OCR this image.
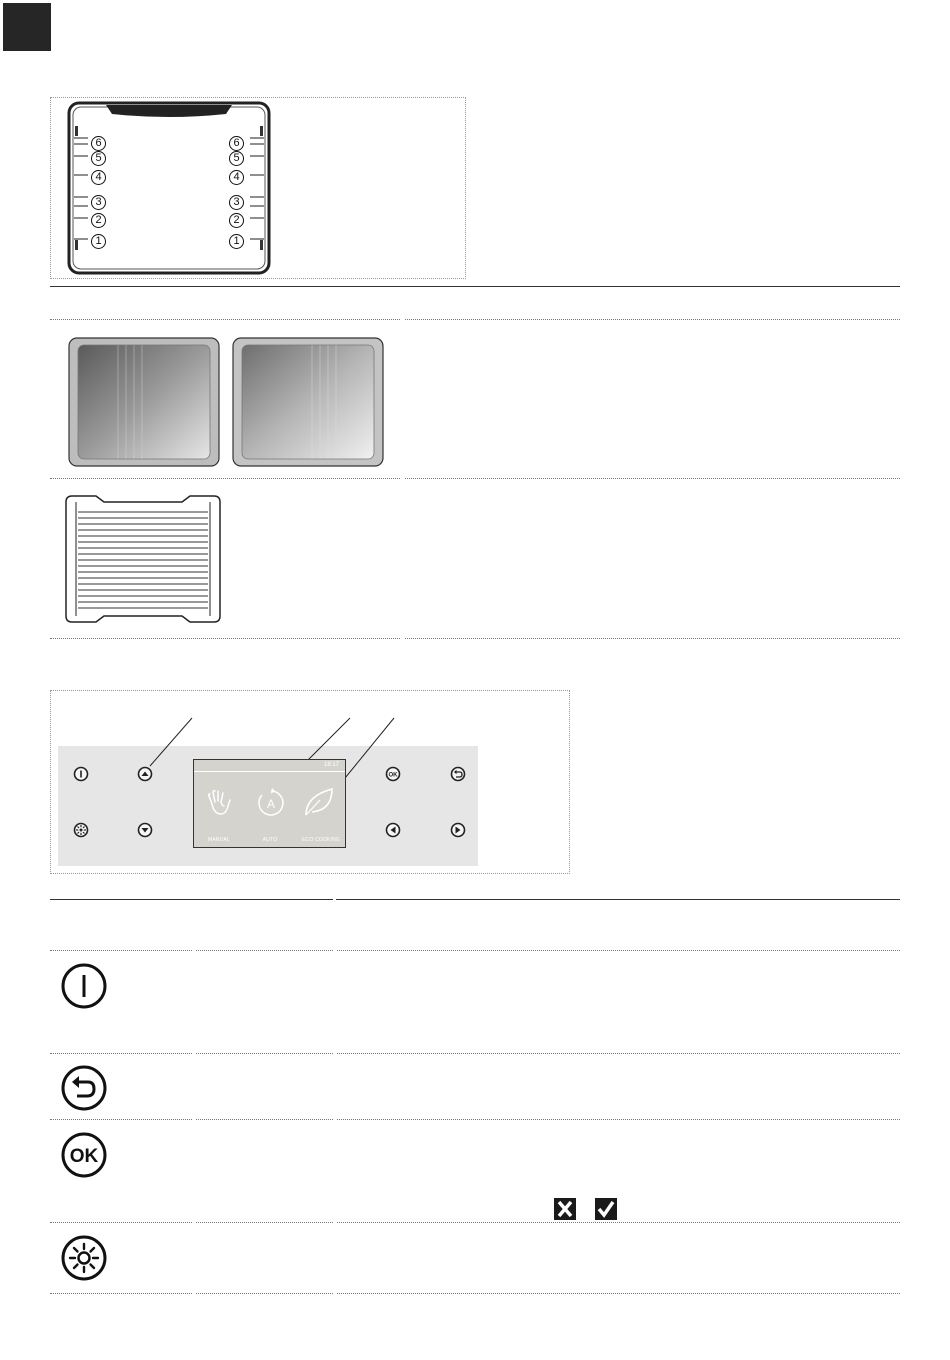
6
5
4
3
2
1
6
5
4
3
2
1
18:17
A
MANUAL	AUTO	ECO COOKING
OK
OK
